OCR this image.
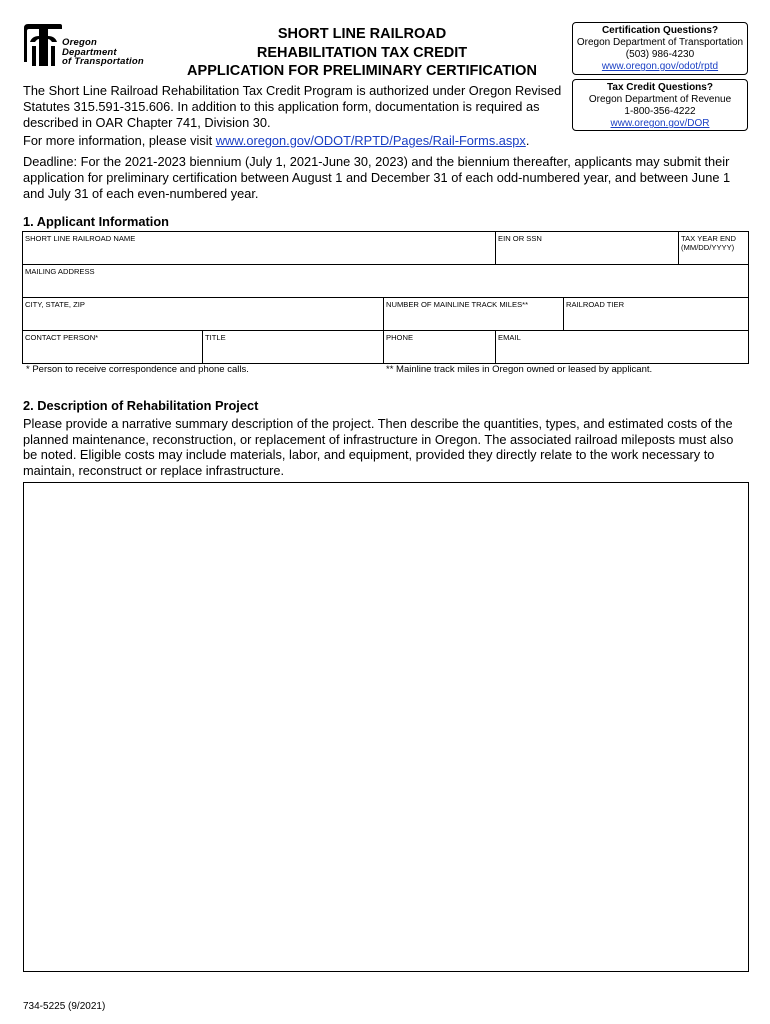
Oregon
Department
of Transportation
SHORT LINE RAILROAD
REHABILITATION TAX CREDIT
APPLICATION FOR PRELIMINARY CERTIFICATION
Certification Questions?
Oregon Department of Transportation
(503) 986-4230
www.oregon.gov/odot/rptd
Tax Credit Questions?
Oregon Department of Revenue
1-800-356-4222
www.oregon.gov/DOR
The Short Line Railroad Rehabilitation Tax Credit Program is authorized under Oregon Revised Statutes 315.591-315.606. In addition to this application form, documentation is required as described in OAR Chapter 741, Division 30.
For more information, please visit www.oregon.gov/ODOT/RPTD/Pages/Rail-Forms.aspx.
Deadline: For the 2021-2023 biennium (July 1, 2021-June 30, 2023) and the biennium thereafter, applicants may submit their application for preliminary certification between August 1 and December 31 of each odd-numbered year, and between June 1 and July 31 of each even-numbered year.
1. Applicant Information
SHORT LINE RAILROAD NAME		EIN OR SSN	TAX YEAR END (MM/DD/YYYY)

MAILING ADDRESS
CITY, STATE, ZIP	NUMBER OF MAINLINE TRACK MILES**	RAILROAD TIER
CONTACT PERSON*	TITLE	PHONE	EMAIL
* Person to receive correspondence and phone calls.	** Mainline track miles in Oregon owned or leased by applicant.
2. Description of Rehabilitation Project
Please provide a narrative summary description of the project. Then describe the quantities, types, and estimated costs of the planned maintenance, reconstruction, or replacement of infrastructure in Oregon. The associated railroad mileposts must also be noted. Eligible costs may include materials, labor, and equipment, provided they directly relate to the work necessary to maintain, reconstruct or replace infrastructure.
734-5225 (9/2021)
